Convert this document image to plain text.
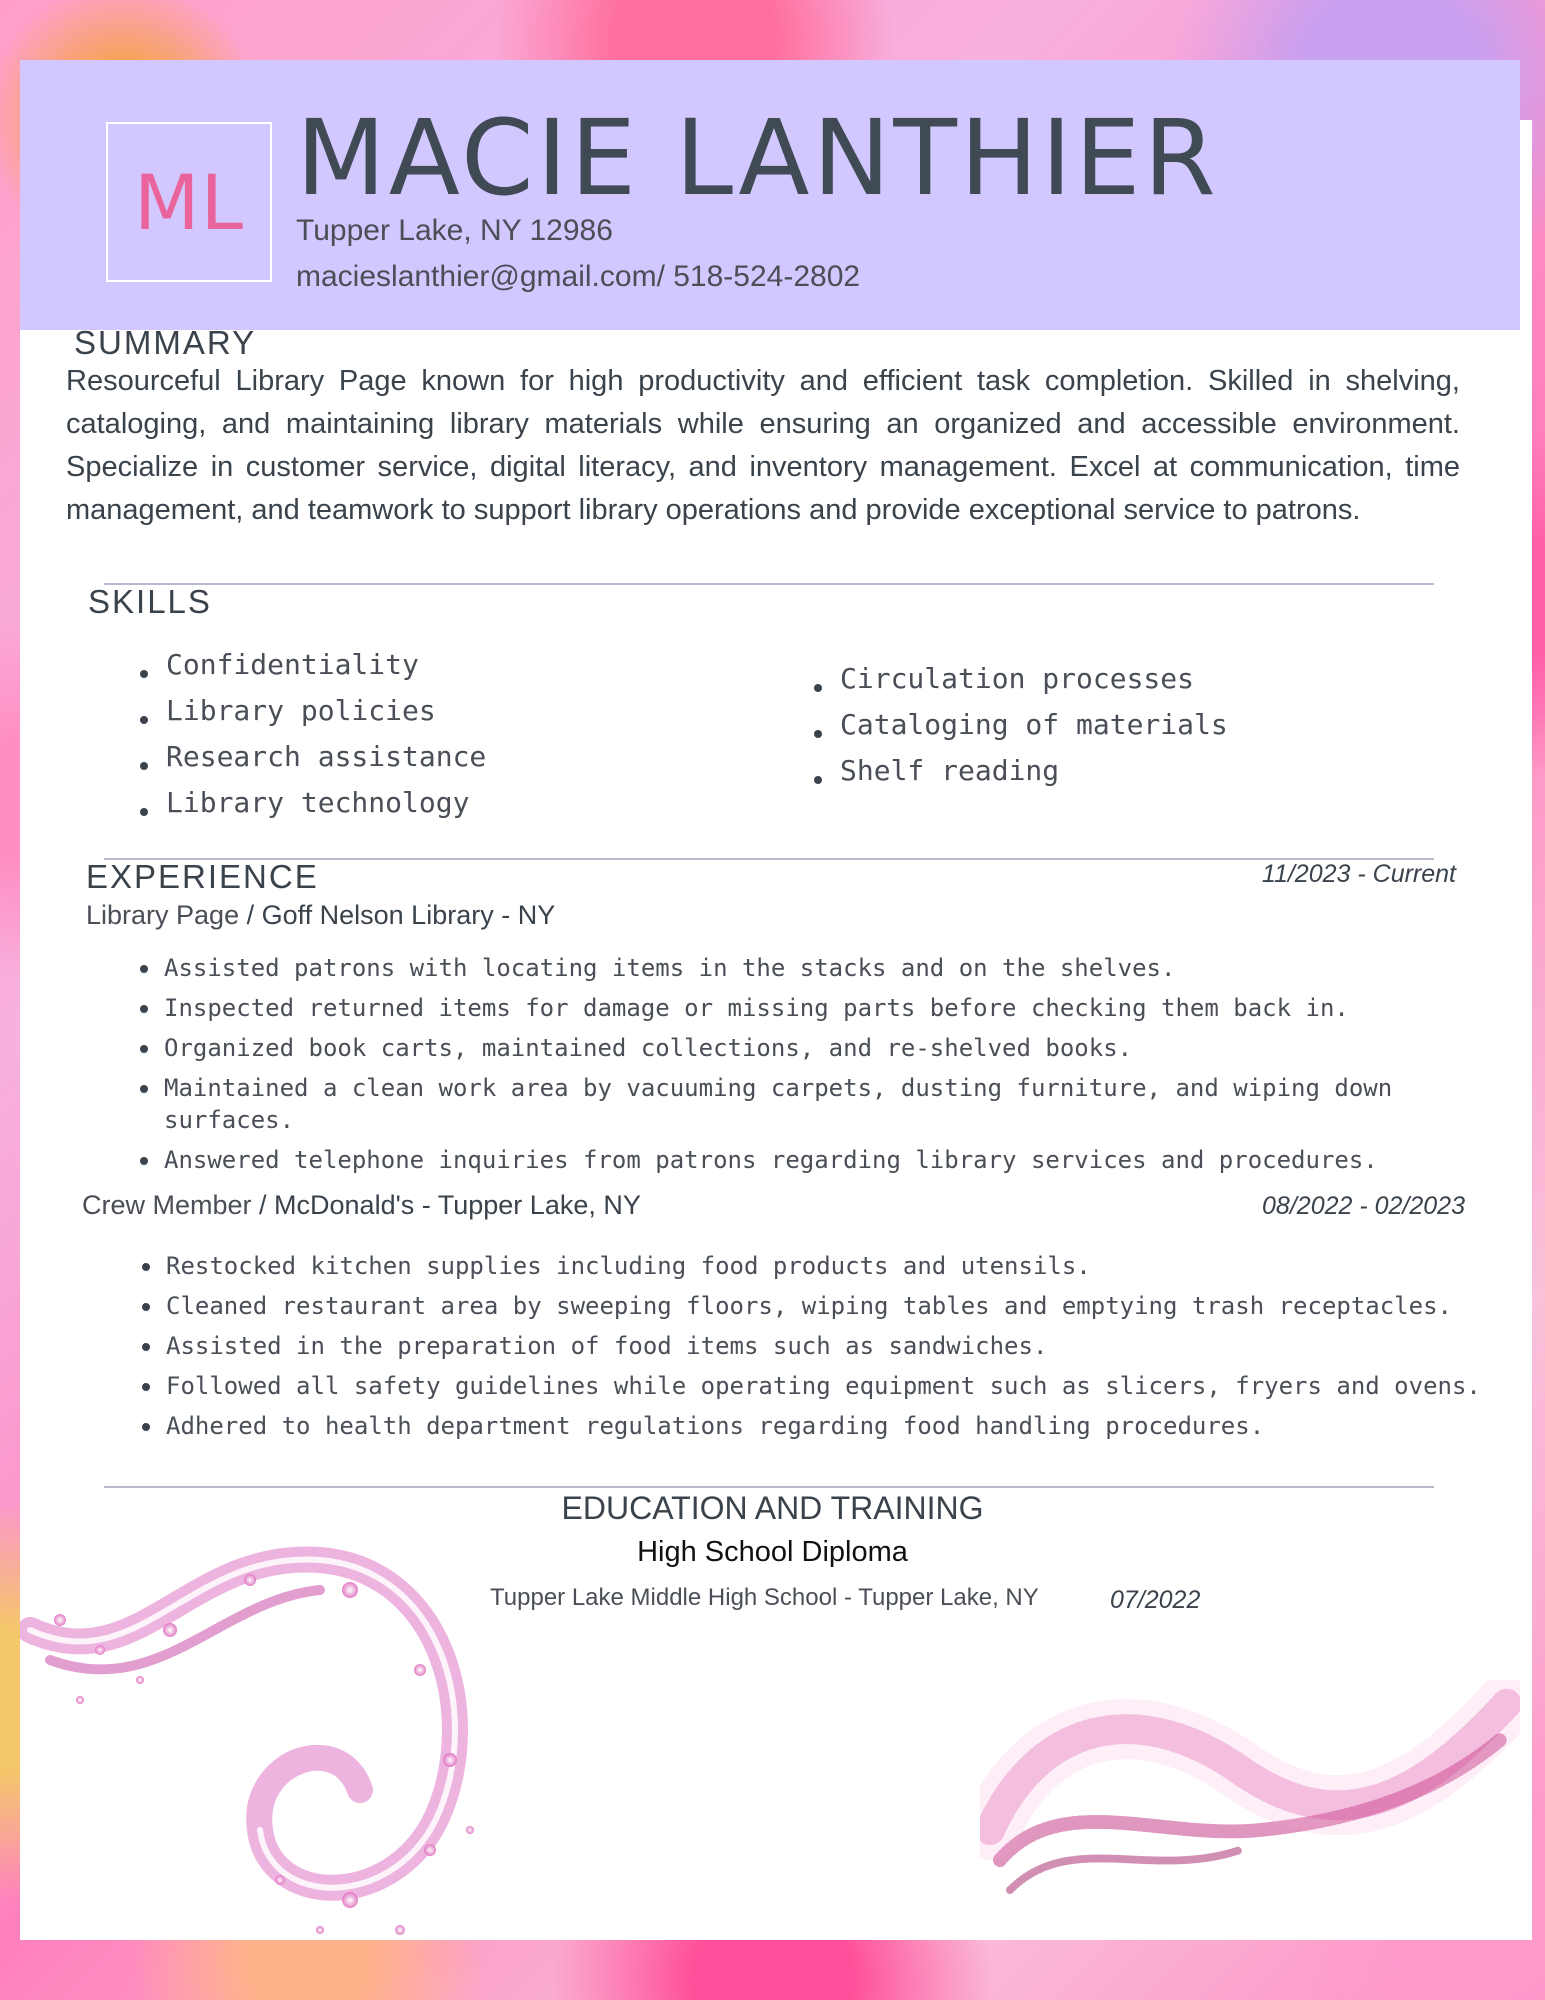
ML MACIE LANTHIER
Tupper Lake, NY 12986
macieslanthier@gmail.com/ 518-524-2802
SUMMARY
Resourceful Library Page known for high productivity and efficient task completion. Skilled in shelving, cataloging, and maintaining library materials while ensuring an organized and accessible environment. Specialize in customer service, digital literacy, and inventory management. Excel at communication, time management, and teamwork to support library operations and provide exceptional service to patrons.
SKILLS
Confidentiality
Library policies
Research assistance
Library technology
Circulation processes
Cataloging of materials
Shelf reading
EXPERIENCE	11/2023 - Current
Library Page / Goff Nelson Library - NY
Assisted patrons with locating items in the stacks and on the shelves.
Inspected returned items for damage or missing parts before checking them back in.
Organized book carts, maintained collections, and re-shelved books.
Maintained a clean work area by vacuuming carpets, dusting furniture, and wiping down surfaces.
Answered telephone inquiries from patrons regarding library services and procedures.
Crew Member / McDonald's - Tupper Lake, NY	08/2022 - 02/2023
Restocked kitchen supplies including food products and utensils.
Cleaned restaurant area by sweeping floors, wiping tables and emptying trash receptacles.
Assisted in the preparation of food items such as sandwiches.
Followed all safety guidelines while operating equipment such as slicers, fryers and ovens.
Adhered to health department regulations regarding food handling procedures.
EDUCATION AND TRAINING
High School Diploma
Tupper Lake Middle High School - Tupper Lake, NY	07/2022
